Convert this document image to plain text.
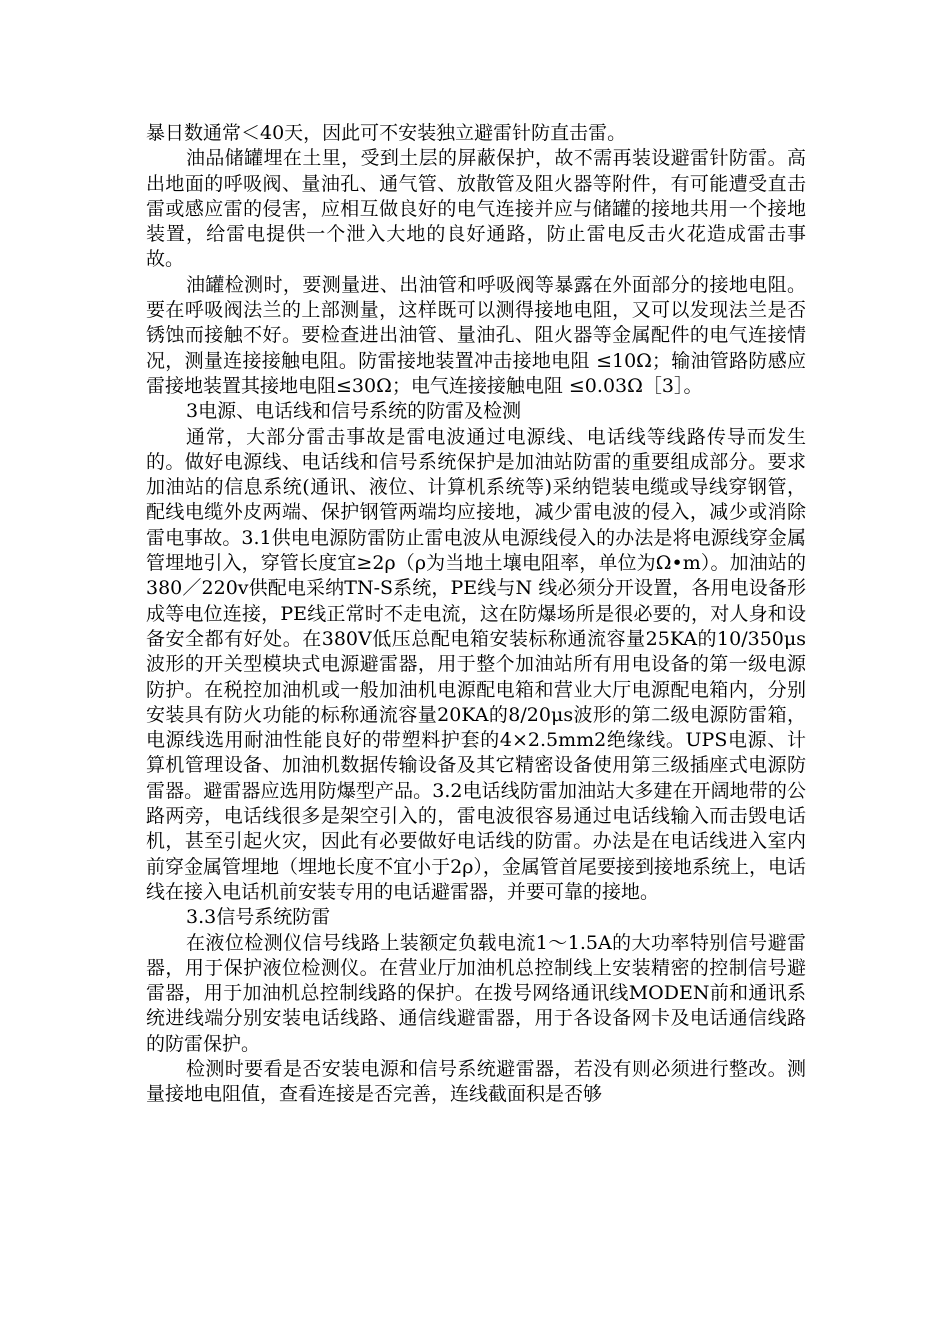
暴日数通常＜40天，因此可不安装独立避雷针防直击雷。

油品储罐埋在土里，受到土层的屏蔽保护，故不需再装设避雷针防雷。高出地面的呼吸阀、量油孔、通气管、放散管及阻火器等附件，有可能遭受直击雷或感应雷的侵害，应相互做良好的电气连接并应与储罐的接地共用一个接地装置，给雷电提供一个泄入大地的良好通路，防止雷电反击火花造成雷击事故。

油罐检测时，要测量进、出油管和呼吸阀等暴露在外面部分的接地电阻。要在呼吸阀法兰的上部测量，这样既可以测得接地电阻，又可以发现法兰是否锈蚀而接触不好。要检查进出油管、量油孔、阻火器等金属配件的电气连接情况，测量连接接触电阻。防雷接地装置冲击接地电阻 ≤10Ω；输油管路防感应雷接地装置其接地电阻≤30Ω；电气连接接触电阻 ≤0.03Ω［3］。

3电源、电话线和信号系统的防雷及检测

通常，大部分雷击事故是雷电波通过电源线、电话线等线路传导而发生的。做好电源线、电话线和信号系统保护是加油站防雷的重要组成部分。要求加油站的信息系统(通讯、液位、计算机系统等)采纳铠装电缆或导线穿钢管，配线电缆外皮两端、保护钢管两端均应接地，减少雷电波的侵入，减少或消除雷电事故。3.1供电电源防雷防止雷电波从电源线侵入的办法是将电源线穿金属管埋地引入，穿管长度宜≥2ρ（ρ为当地土壤电阻率，单位为Ω•m）。加油站的380／220v供配电采纳TN-S系统，PE线与N 线必须分开设置，各用电设备形成等电位连接，PE线正常时不走电流，这在防爆场所是很必要的，对人身和设备安全都有好处。在380V低压总配电箱安装标称通流容量25KA的10/350μs波形的开关型模块式电源避雷器，用于整个加油站所有用电设备的第一级电源防护。在税控加油机或一般加油机电源配电箱和营业大厅电源配电箱内，分别安装具有防火功能的标称通流容量20KA的8/20μs波形的第二级电源防雷箱，电源线选用耐油性能良好的带塑料护套的4×2.5mm2绝缘线。UPS电源、计算机管理设备、加油机数据传输设备及其它精密设备使用第三级插座式电源防雷器。避雷器应选用防爆型产品。3.2电话线防雷加油站大多建在开阔地带的公路两旁，电话线很多是架空引入的，雷电波很容易通过电话线输入而击毁电话机，甚至引起火灾，因此有必要做好电话线的防雷。办法是在电话线进入室内前穿金属管埋地（埋地长度不宜小于2ρ），金属管首尾要接到接地系统上，电话线在接入电话机前安装专用的电话避雷器，并要可靠的接地。

3.3信号系统防雷

在液位检测仪信号线路上装额定负载电流1～1.5A的大功率特别信号避雷器，用于保护液位检测仪。在营业厅加油机总控制线上安装精密的控制信号避雷器，用于加油机总控制线路的保护。在拨号网络通讯线MODEN前和通讯系统进线端分别安装电话线路、通信线避雷器，用于各设备网卡及电话通信线路的防雷保护。

检测时要看是否安装电源和信号系统避雷器，若没有则必须进行整改。测量接地电阻值，查看连接是否完善，连线截面积是否够
